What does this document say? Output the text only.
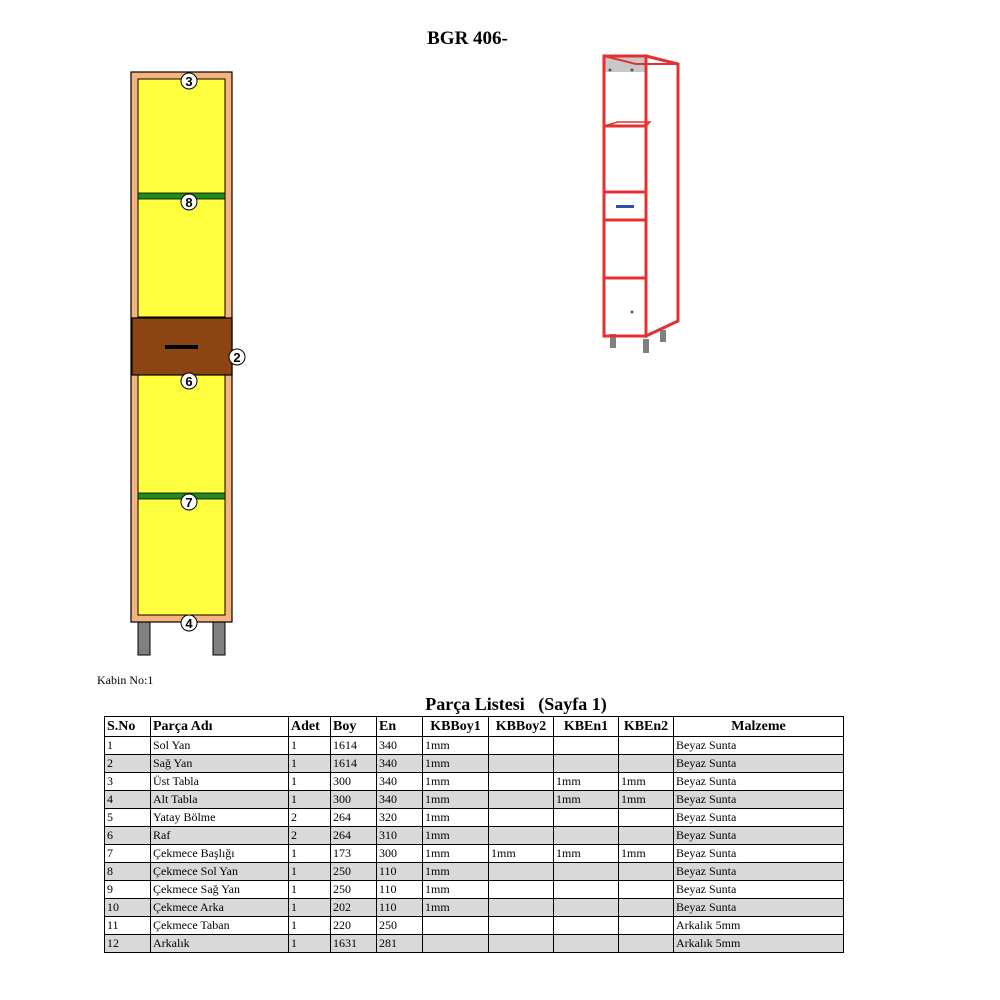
BGR 406-
3
8
2
6
7
4
Kabin No:1
Parça Listesi   (Sayfa 1)
S.No	Parça Adı	Adet	Boy	En	KBBoy1	KBBoy2	KBEn1	KBEn2	Malzeme
1	Sol Yan	1	1614	340	1mm				Beyaz Sunta
2	Sağ Yan	1	1614	340	1mm				Beyaz Sunta
3	Üst Tabla	1	300	340	1mm		1mm	1mm	Beyaz Sunta
4	Alt Tabla	1	300	340	1mm		1mm	1mm	Beyaz Sunta
5	Yatay Bölme	2	264	320	1mm				Beyaz Sunta
6	Raf	2	264	310	1mm				Beyaz Sunta
7	Çekmece Başlığı	1	173	300	1mm	1mm	1mm	1mm	Beyaz Sunta
8	Çekmece Sol Yan	1	250	110	1mm				Beyaz Sunta
9	Çekmece Sağ Yan	1	250	110	1mm				Beyaz Sunta
10	Çekmece Arka	1	202	110	1mm				Beyaz Sunta
11	Çekmece Taban	1	220	250					Arkalık 5mm
12	Arkalık	1	1631	281					Arkalık 5mm
